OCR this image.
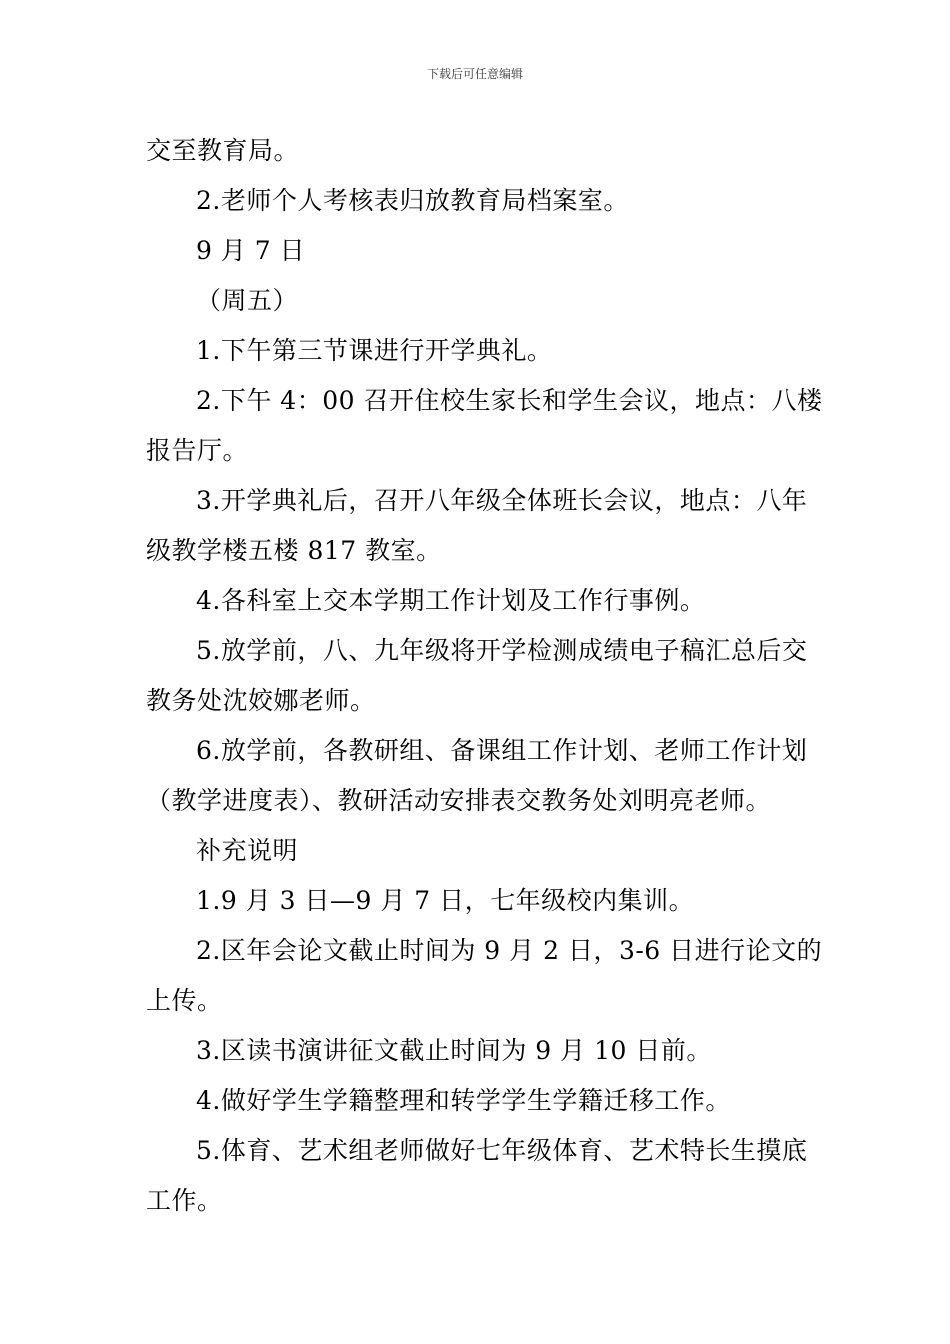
下载后可任意编辑
交至教育局。
2.老师个人考核表归放教育局档案室。
9 月 7 日
（周五）
1.下午第三节课进行开学典礼。
2.下午 4：00 召开住校生家长和学生会议，地点：八楼
报告厅。
3.开学典礼后，召开八年级全体班长会议，地点：八年
级教学楼五楼 817 教室。
4.各科室上交本学期工作计划及工作行事例。
5.放学前，八、九年级将开学检测成绩电子稿汇总后交
教务处沈姣娜老师。
6.放学前，各教研组、备课组工作计划、老师工作计划
（教学进度表）、教研活动安排表交教务处刘明亮老师。
补充说明
1.9 月 3 日—9 月 7 日，七年级校内集训。
2.区年会论文截止时间为 9 月 2 日，3-6 日进行论文的
上传。
3.区读书演讲征文截止时间为 9 月 10 日前。
4.做好学生学籍整理和转学学生学籍迁移工作。
5.体育、艺术组老师做好七年级体育、艺术特长生摸底
工作。
